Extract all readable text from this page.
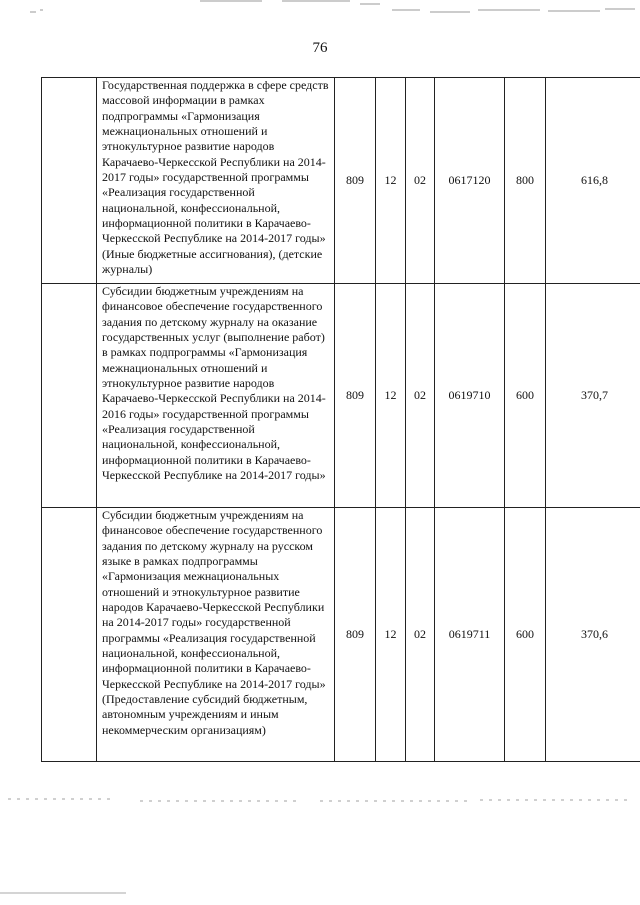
76
	Государственная поддержка в сфере средств массовой информации в рамках подпрограммы «Гармонизация межнациональных отношений и этнокультурное развитие народов Карачаево-Черкесской Республики на 2014-2017 годы» государственной программы «Реализация государственной национальной, конфессиональной, информационной политики в Карачаево-Черкесской Республике на 2014-2017 годы» (Иные бюджетные ассигнования), (детские журналы)	809	12	02	0617120	800	616,8
	Субсидии бюджетным учреждениям на финансовое обеспечение государственного задания по детскому журналу на оказание государственных услуг (выполнение работ) в рамках подпрограммы «Гармонизация межнациональных отношений и этнокультурное развитие народов Карачаево-Черкесской Республики на 2014-2016 годы» государственной программы «Реализация государственной национальной, конфессиональной, информационной политики в Карачаево-Черкесской Республике на 2014-2017 годы»	809	12	02	0619710	600	370,7
	Субсидии бюджетным учреждениям на финансовое обеспечение государственного задания по детскому журналу на русском языке в рамках подпрограммы «Гармонизация межнациональных отношений и этнокультурное развитие народов Карачаево-Черкесской Республики на 2014-2017 годы» государственной программы «Реализация государственной национальной, конфессиональной, информационной политики в Карачаево-Черкесской Республике на 2014-2017 годы» (Предоставление субсидий бюджетным, автономным учреждениям и иным некоммерческим организациям)	809	12	02	0619711	600	370,6
